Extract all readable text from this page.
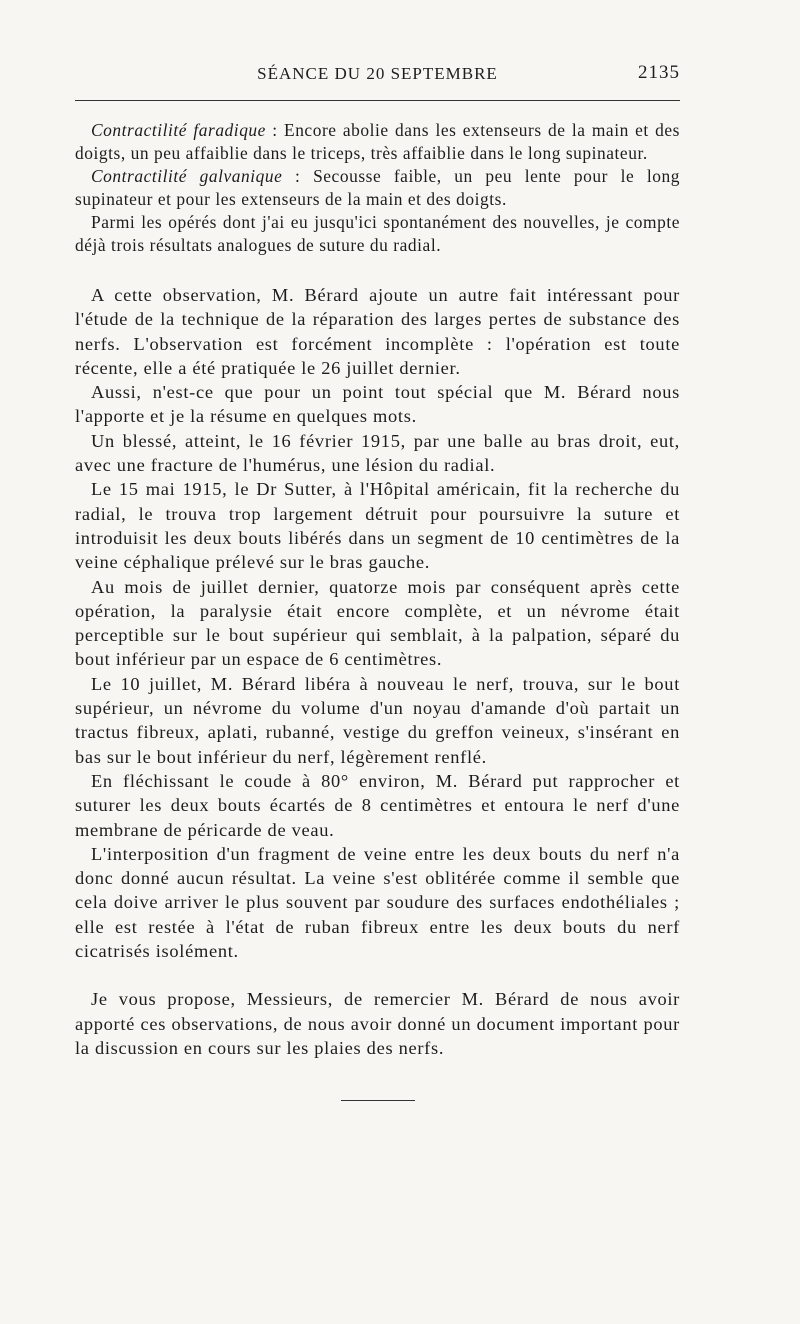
SÉANCE DU 20 SEPTEMBRE	2135

Contractilité faradique : Encore abolie dans les extenseurs de la main et des doigts, un peu affaiblie dans le triceps, très affaiblie dans le long supinateur.

Contractilité galvanique : Secousse faible, un peu lente pour le long supinateur et pour les extenseurs de la main et des doigts.

Parmi les opérés dont j'ai eu jusqu'ici spontanément des nouvelles, je compte déjà trois résultats analogues de suture du radial.

A cette observation, M. Bérard ajoute un autre fait intéressant pour l'étude de la technique de la réparation des larges pertes de substance des nerfs. L'observation est forcément incomplète : l'opération est toute récente, elle a été pratiquée le 26 juillet dernier.

Aussi, n'est-ce que pour un point tout spécial que M. Bérard nous l'apporte et je la résume en quelques mots.

Un blessé, atteint, le 16 février 1915, par une balle au bras droit, eut, avec une fracture de l'humérus, une lésion du radial.

Le 15 mai 1915, le Dr Sutter, à l'Hôpital américain, fit la recherche du radial, le trouva trop largement détruit pour poursuivre la suture et introduisit les deux bouts libérés dans un segment de 10 centimètres de la veine céphalique prélevé sur le bras gauche.

Au mois de juillet dernier, quatorze mois par conséquent après cette opération, la paralysie était encore complète, et un névrome était perceptible sur le bout supérieur qui semblait, à la palpation, séparé du bout inférieur par un espace de 6 centimètres.

Le 10 juillet, M. Bérard libéra à nouveau le nerf, trouva, sur le bout supérieur, un névrome du volume d'un noyau d'amande d'où partait un tractus fibreux, aplati, rubanné, vestige du greffon veineux, s'insérant en bas sur le bout inférieur du nerf, légèrement renflé.

En fléchissant le coude à 80° environ, M. Bérard put rapprocher et suturer les deux bouts écartés de 8 centimètres et entoura le nerf d'une membrane de péricarde de veau.

L'interposition d'un fragment de veine entre les deux bouts du nerf n'a donc donné aucun résultat. La veine s'est oblitérée comme il semble que cela doive arriver le plus souvent par soudure des surfaces endothéliales ; elle est restée à l'état de ruban fibreux entre les deux bouts du nerf cicatrisés isolément.

Je vous propose, Messieurs, de remercier M. Bérard de nous avoir apporté ces observations, de nous avoir donné un document important pour la discussion en cours sur les plaies des nerfs.
